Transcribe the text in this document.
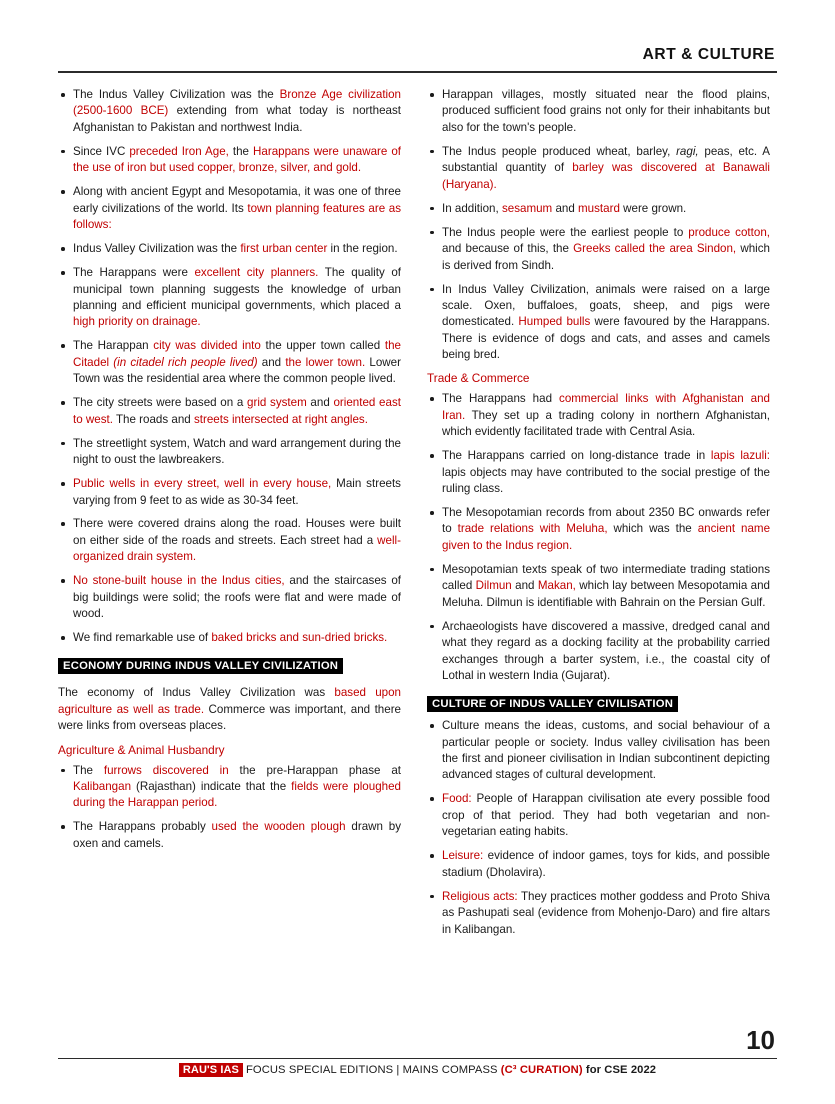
ART & CULTURE
The Indus Valley Civilization was the Bronze Age civilization (2500-1600 BCE) extending from what today is northeast Afghanistan to Pakistan and northwest India.
Since IVC preceded Iron Age, the Harappans were unaware of the use of iron but used copper, bronze, silver, and gold.
Along with ancient Egypt and Mesopotamia, it was one of three early civilizations of the world. Its town planning features are as follows:
Indus Valley Civilization was the first urban center in the region.
The Harappans were excellent city planners. The quality of municipal town planning suggests the knowledge of urban planning and efficient municipal governments, which placed a high priority on drainage.
The Harappan city was divided into the upper town called the Citadel (in citadel rich people lived) and the lower town. Lower Town was the residential area where the common people lived.
The city streets were based on a grid system and oriented east to west. The roads and streets intersected at right angles.
The streetlight system, Watch and ward arrangement during the night to oust the lawbreakers.
Public wells in every street, well in every house, Main streets varying from 9 feet to as wide as 30-34 feet.
There were covered drains along the road. Houses were built on either side of the roads and streets. Each street had a well-organized drain system.
No stone-built house in the Indus cities, and the staircases of big buildings were solid; the roofs were flat and were made of wood.
We find remarkable use of baked bricks and sun-dried bricks.
ECONOMY DURING INDUS VALLEY CIVILIZATION
The economy of Indus Valley Civilization was based upon agriculture as well as trade. Commerce was important, and there were links from overseas places.
Agriculture & Animal Husbandry
The furrows discovered in the pre-Harappan phase at Kalibangan (Rajasthan) indicate that the fields were ploughed during the Harappan period.
The Harappans probably used the wooden plough drawn by oxen and camels.
Harappan villages, mostly situated near the flood plains, produced sufficient food grains not only for their inhabitants but also for the town's people.
The Indus people produced wheat, barley, ragi, peas, etc. A substantial quantity of barley was discovered at Banawali (Haryana).
In addition, sesamum and mustard were grown.
The Indus people were the earliest people to produce cotton, and because of this, the Greeks called the area Sindon, which is derived from Sindh.
In Indus Valley Civilization, animals were raised on a large scale. Oxen, buffaloes, goats, sheep, and pigs were domesticated. Humped bulls were favoured by the Harappans. There is evidence of dogs and cats, and asses and camels being bred.
Trade & Commerce
The Harappans had commercial links with Afghanistan and Iran. They set up a trading colony in northern Afghanistan, which evidently facilitated trade with Central Asia.
The Harappans carried on long-distance trade in lapis lazuli: lapis objects may have contributed to the social prestige of the ruling class.
The Mesopotamian records from about 2350 BC onwards refer to trade relations with Meluha, which was the ancient name given to the Indus region.
Mesopotamian texts speak of two intermediate trading stations called Dilmun and Makan, which lay between Mesopotamia and Meluha. Dilmun is identifiable with Bahrain on the Persian Gulf.
Archaeologists have discovered a massive, dredged canal and what they regard as a docking facility at the probability carried exchanges through a barter system, i.e., the coastal city of Lothal in western India (Gujarat).
CULTURE OF INDUS VALLEY CIVILISATION
Culture means the ideas, customs, and social behaviour of a particular people or society. Indus valley civilisation has been the first and pioneer civilisation in Indian subcontinent depicting advanced stages of cultural development.
Food: People of Harappan civilisation ate every possible food crop of that period. They had both vegetarian and non-vegetarian eating habits.
Leisure: evidence of indoor games, toys for kids, and possible stadium (Dholavira).
Religious acts: They practices mother goddess and Proto Shiva as Pashupati seal (evidence from Mohenjo-Daro) and fire altars in Kalibangan.
10
RAU'S IAS FOCUS SPECIAL EDITIONS | MAINS COMPASS (C³ CURATION) for CSE 2022
